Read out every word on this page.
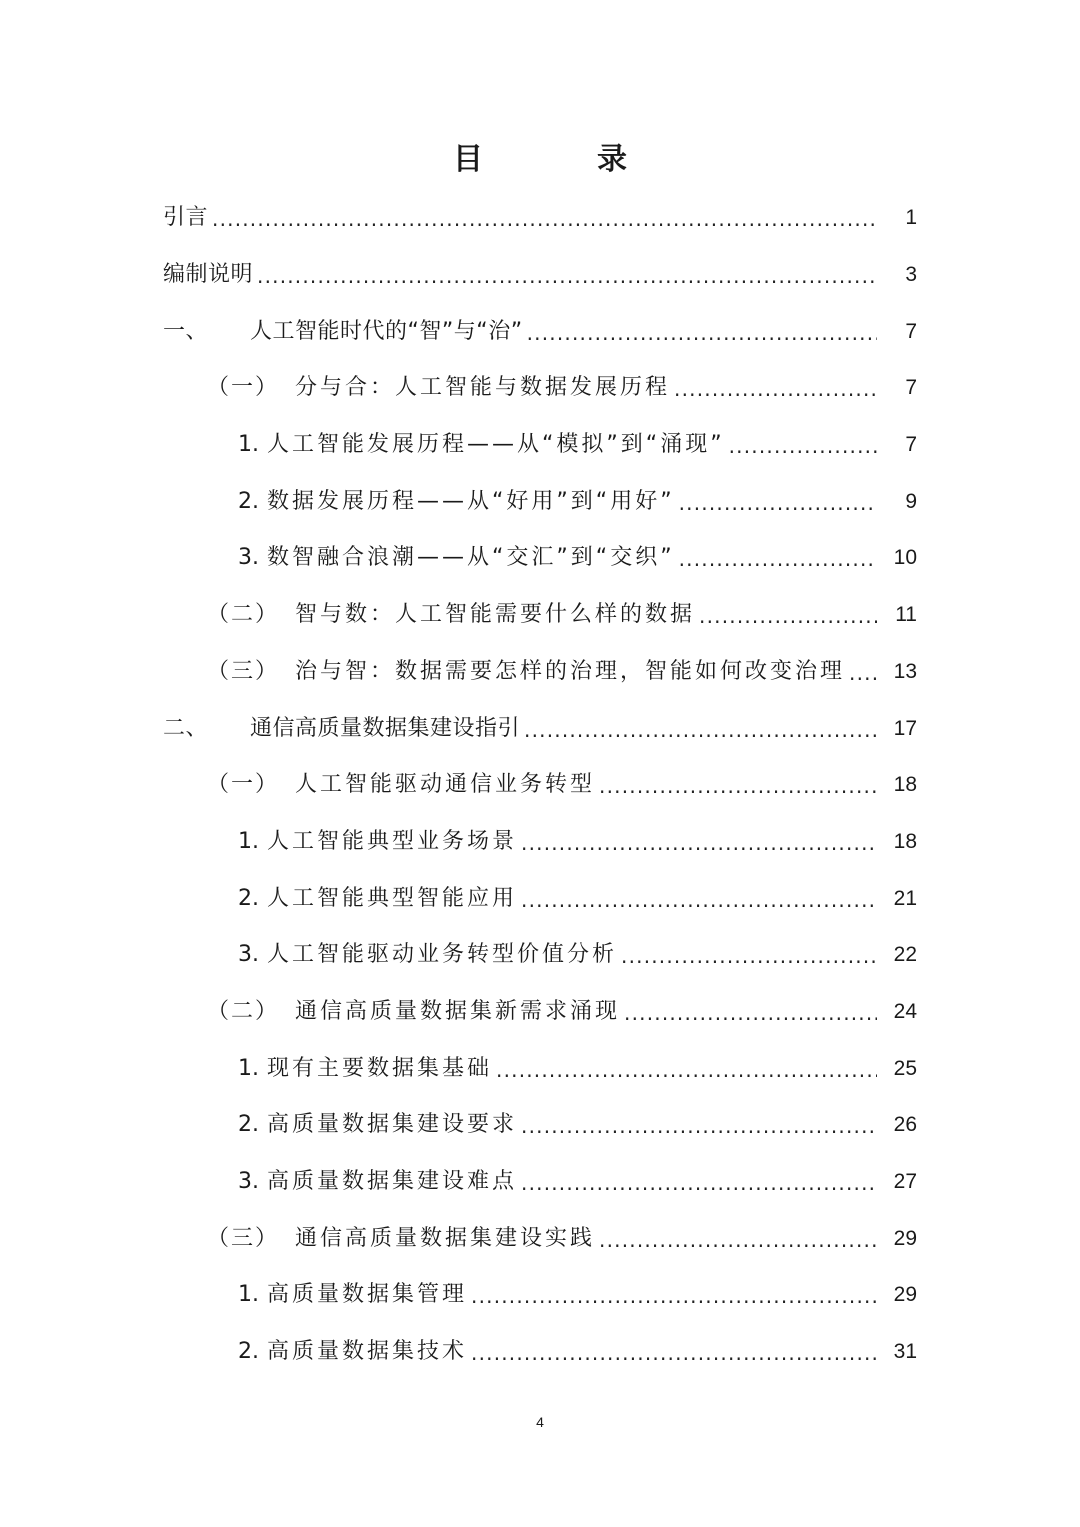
目　录
引言 .....	1
编制说明 .....	3
一、 人工智能时代的“智”与“治” .....	7
（一） 分与合：人工智能与数据发展历程 .....	7
1. 人工智能发展历程——从“模拟”到“涌现” .....	7
2. 数据发展历程——从“好用”到“用好” .....	9
3. 数智融合浪潮——从“交汇”到“交织” .....	10
（二） 智与数：人工智能需要什么样的数据 .....	11
（三） 治与智：数据需要怎样的治理，智能如何改变治理 .....	13
二、 通信高质量数据集建设指引 .....	17
（一） 人工智能驱动通信业务转型 .....	18
1. 人工智能典型业务场景 .....	18
2. 人工智能典型智能应用 .....	21
3. 人工智能驱动业务转型价值分析 .....	22
（二） 通信高质量数据集新需求涌现 .....	24
1. 现有主要数据集基础 .....	25
2. 高质量数据集建设要求 .....	26
3. 高质量数据集建设难点 .....	27
（三） 通信高质量数据集建设实践 .....	29
1. 高质量数据集管理 .....	29
2. 高质量数据集技术 .....	31
4
